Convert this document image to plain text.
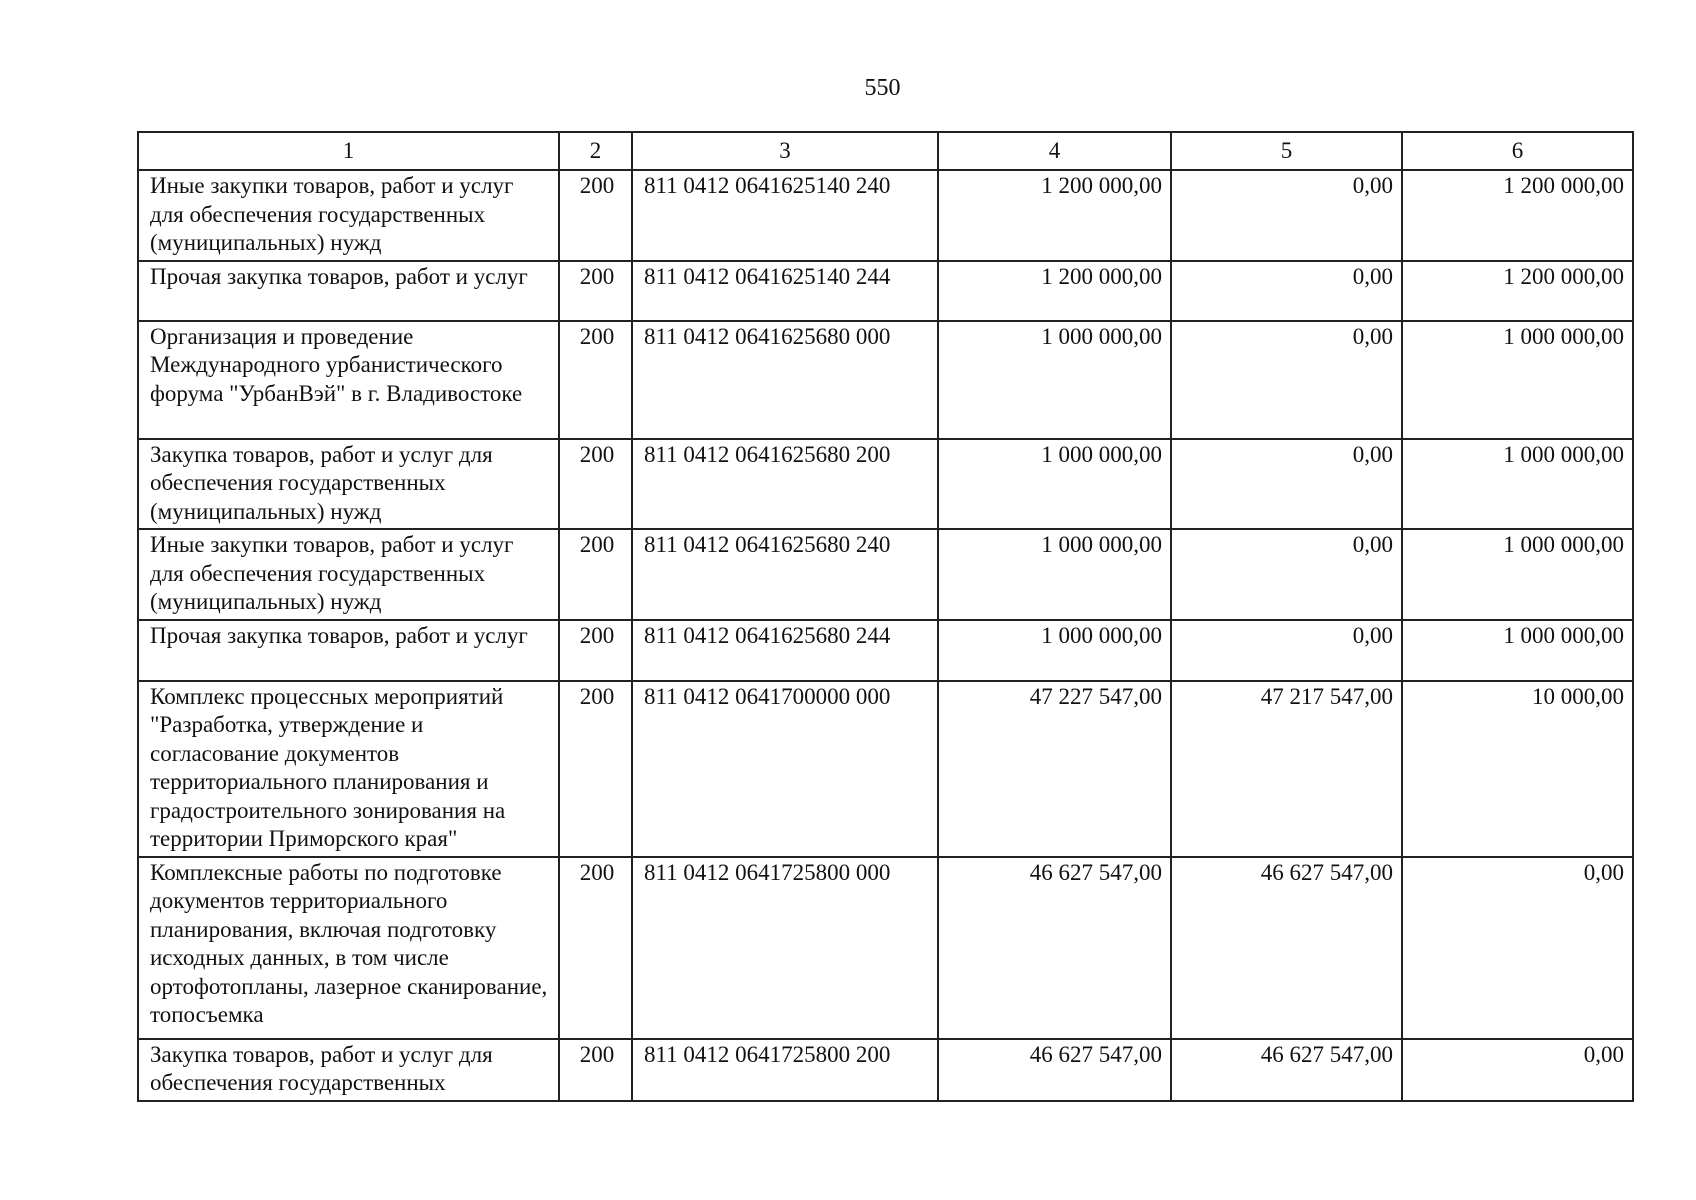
550
1	2	3	4	5	6
Иные закупки товаров, работ и услуг для обеспечения государственных (муниципальных) нужд	200	811 0412 0641625140 240	1 200 000,00	0,00	1 200 000,00
Прочая закупка товаров, работ и услуг	200	811 0412 0641625140 244	1 200 000,00	0,00	1 200 000,00
Организация и проведение Международного урбанистического форума "УрбанВэй" в г. Владивостоке	200	811 0412 0641625680 000	1 000 000,00	0,00	1 000 000,00
Закупка товаров, работ и услуг для обеспечения государственных (муниципальных) нужд	200	811 0412 0641625680 200	1 000 000,00	0,00	1 000 000,00
Иные закупки товаров, работ и услуг для обеспечения государственных (муниципальных) нужд	200	811 0412 0641625680 240	1 000 000,00	0,00	1 000 000,00
Прочая закупка товаров, работ и услуг	200	811 0412 0641625680 244	1 000 000,00	0,00	1 000 000,00
Комплекс процессных мероприятий "Разработка, утверждение и согласование документов территориального планирования и градостроительного зонирования на территории Приморского края"	200	811 0412 0641700000 000	47 227 547,00	47 217 547,00	10 000,00
Комплексные работы по подготовке документов территориального планирования, включая подготовку исходных данных, в том числе ортофотопланы, лазерное сканирование, топосъемка	200	811 0412 0641725800 000	46 627 547,00	46 627 547,00	0,00
Закупка товаров, работ и услуг для обеспечения государственных	200	811 0412 0641725800 200	46 627 547,00	46 627 547,00	0,00
